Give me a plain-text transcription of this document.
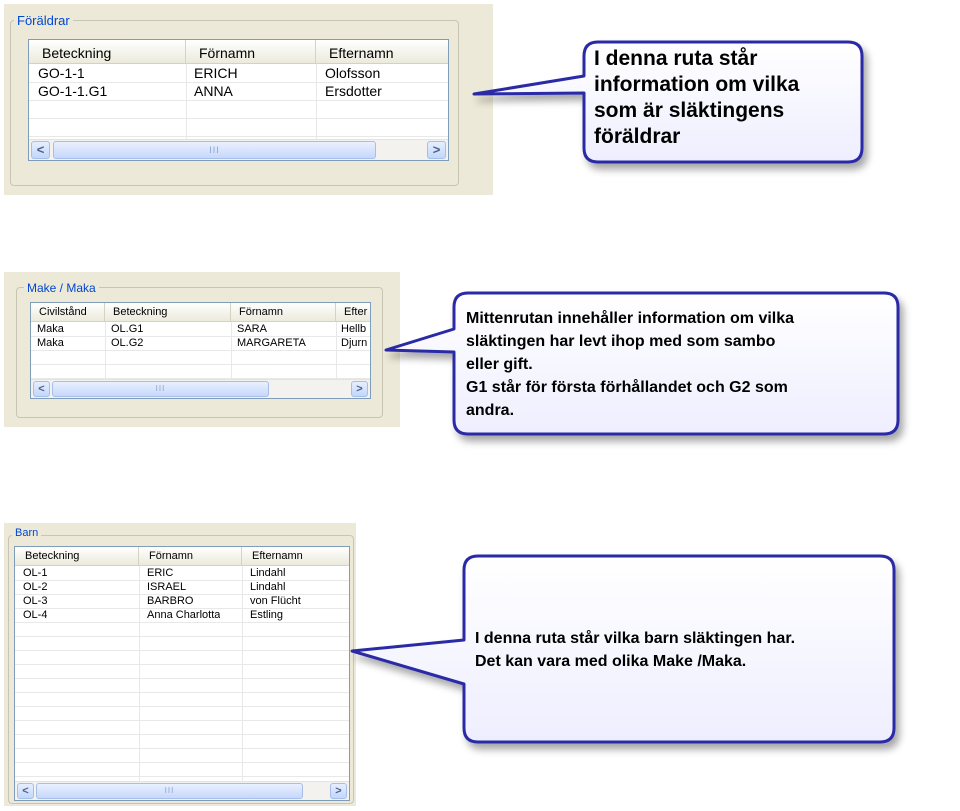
Föräldrar
Beteckning	Förnamn	Efternamn
GO-1-1	ERICH	Olofsson
GO-1-1.G1	ANNA	Ersdotter
<	III	>
Make / Maka
Civilstånd	Beteckning	Förnamn	Efter
Maka	OL.G1	SARA	Hellb
Maka	OL.G2	MARGARETA	Djurn
<	III	>
Barn
Beteckning	Förnamn	Efternamn
OL-1	ERIC	Lindahl
OL-2	ISRAEL	Lindahl
OL-3	BARBRO	von Flücht
OL-4	Anna Charlotta	Estling
<	III	>
I denna ruta står
information om vilka
som är släktingens
föräldrar
Mittenrutan innehåller information om vilka
släktingen har levt ihop med som sambo
eller gift.
G1 står för första förhållandet och G2 som
andra.
I denna ruta står vilka barn släktingen har.
Det kan vara med olika Make /Maka.
